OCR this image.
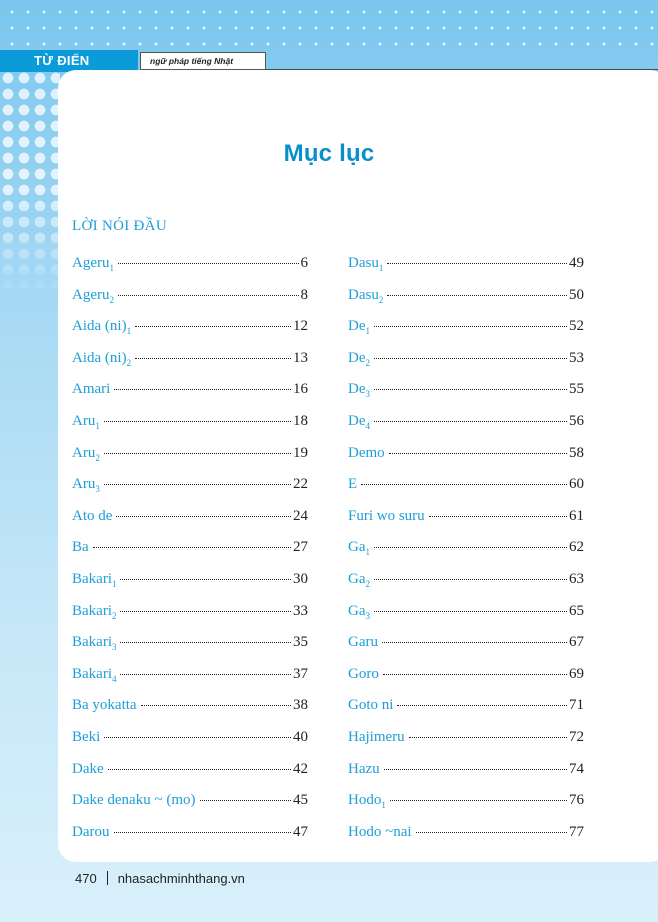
TỪ ĐIỂN	ngữ pháp tiếng Nhật
Mục lục
LỜI NÓI ĐẦU
Ageru 1	6
Ageru 2	8
Aida (ni) 1	12
Aida (ni) 2	13
Amari	16
Aru 1	18
Aru 2	19
Aru 3	22
Ato de	24
Ba	27
Bakari 1	30
Bakari 2	33
Bakari 3	35
Bakari 4	37
Ba yokatta	38
Beki	40
Dake	42
Dake denaku ~ (mo)	45
Darou	47
Dasu 1	49
Dasu 2	50
De 1	52
De 2	53
De 3	55
De 4	56
Demo	58
E	60
Furi wo suru	61
Ga 1	62
Ga 2	63
Ga 3	65
Garu	67
Goro	69
Goto ni	71
Hajimeru	72
Hazu	74
Hodo 1	76
Hodo ~nai	77
470 nhasachminhthang.vn
